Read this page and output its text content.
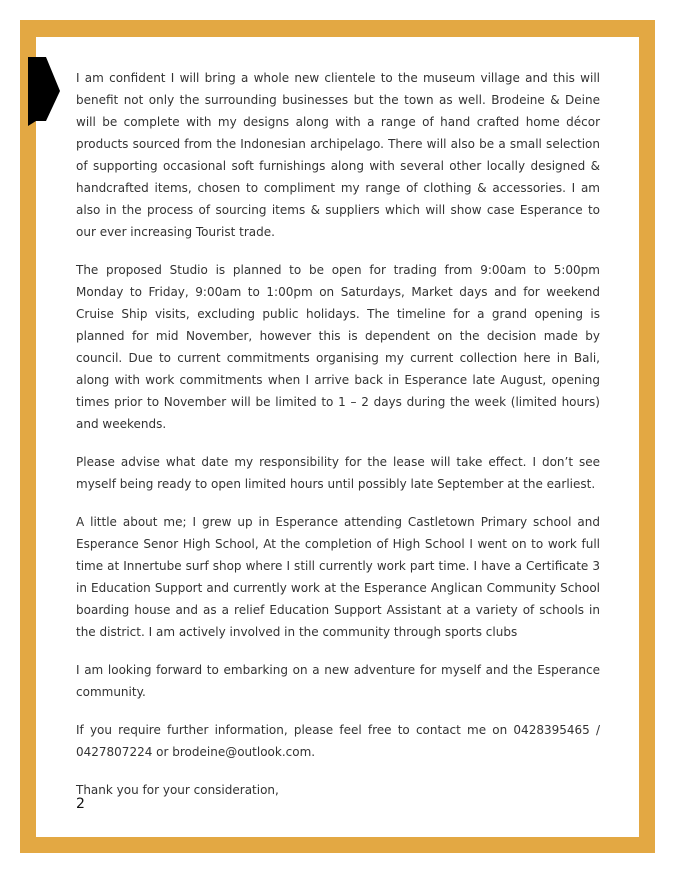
I am confident I will bring a whole new clientele to the museum village and this will benefit not only the surrounding businesses but the town as well. Brodeine & Deine will be complete with my designs along with a range of hand crafted home décor products sourced from the Indonesian archipelago. There will also be a small selection of supporting occasional soft furnishings along with several other locally designed & handcrafted items, chosen to compliment my range of clothing & accessories. I am also in the process of sourcing items & suppliers which will show case Esperance to our ever increasing Tourist trade.

The proposed Studio is planned to be open for trading from 9:00am to 5:00pm Monday to Friday, 9:00am to 1:00pm on Saturdays, Market days and for weekend Cruise Ship visits, excluding public holidays. The timeline for a grand opening is planned for mid November, however this is dependent on the decision made by council. Due to current commitments organising my current collection here in Bali, along with work commitments when I arrive back in Esperance late August, opening times prior to November will be limited to 1 – 2 days during the week (limited hours) and weekends.

Please advise what date my responsibility for the lease will take effect. I don’t see myself being ready to open limited hours until possibly late September at the earliest.

A little about me; I grew up in Esperance attending Castletown Primary school and Esperance Senor High School, At the completion of High School I went on to work full time at Innertube surf shop where I still currently work part time. I have a Certificate 3 in Education Support and currently work at the Esperance Anglican Community School boarding house and as a relief Education Support Assistant at a variety of schools in the district. I am actively involved in the community through sports clubs

I am looking forward to embarking on a new adventure for myself and the Esperance community.

If you require further information, please feel free to contact me on 0428395465 / 0427807224 or brodeine@outlook.com.

Thank you for your consideration,

2
